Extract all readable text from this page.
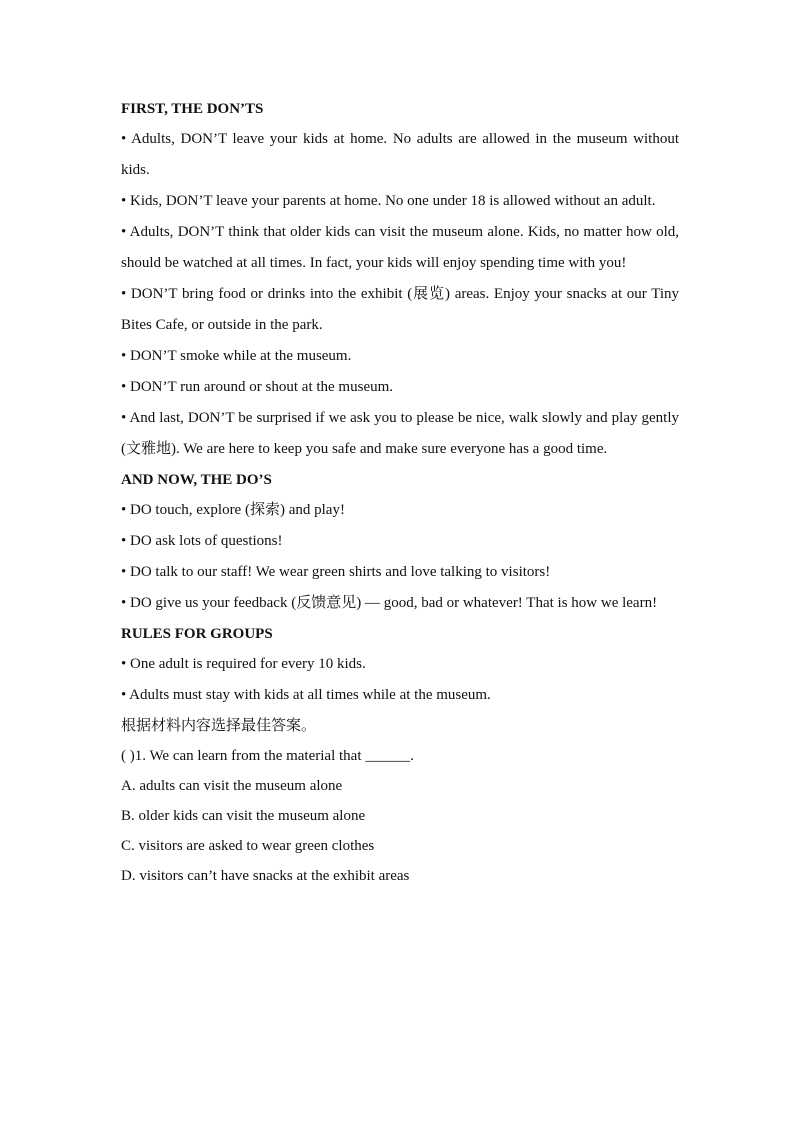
FIRST, THE DON’TS

• Adults, DON’T leave your kids at home. No adults are allowed in the museum without kids.

• Kids, DON’T leave your parents at home. No one under 18 is allowed without an adult.

• Adults, DON’T think that older kids can visit the museum alone. Kids, no matter how old, should be watched at all times. In fact, your kids will enjoy spending time with you!

• DON’T bring food or drinks into the exhibit (展览) areas. Enjoy your snacks at our Tiny Bites Cafe, or outside in the park.

• DON’T smoke while at the museum.

• DON’T run around or shout at the museum.

• And last, DON’T be surprised if we ask you to please be nice, walk slowly and play gently (文雅地). We are here to keep you safe and make sure everyone has a good time.

AND NOW, THE DO’S

• DO touch, explore (探索) and play!

• DO ask lots of questions!

• DO talk to our staff! We wear green shirts and love talking to visitors!

• DO give us your feedback (反馈意见) — good, bad or whatever! That is how we learn!

RULES FOR GROUPS

• One adult is required for every 10 kids.

• Adults must stay with kids at all times while at the museum.

根据材料内容选择最佳答案。

( )1. We can learn from the material that ______.

A. adults can visit the museum alone

B. older kids can visit the museum alone

C. visitors are asked to wear green clothes

D. visitors can’t have snacks at the exhibit areas
